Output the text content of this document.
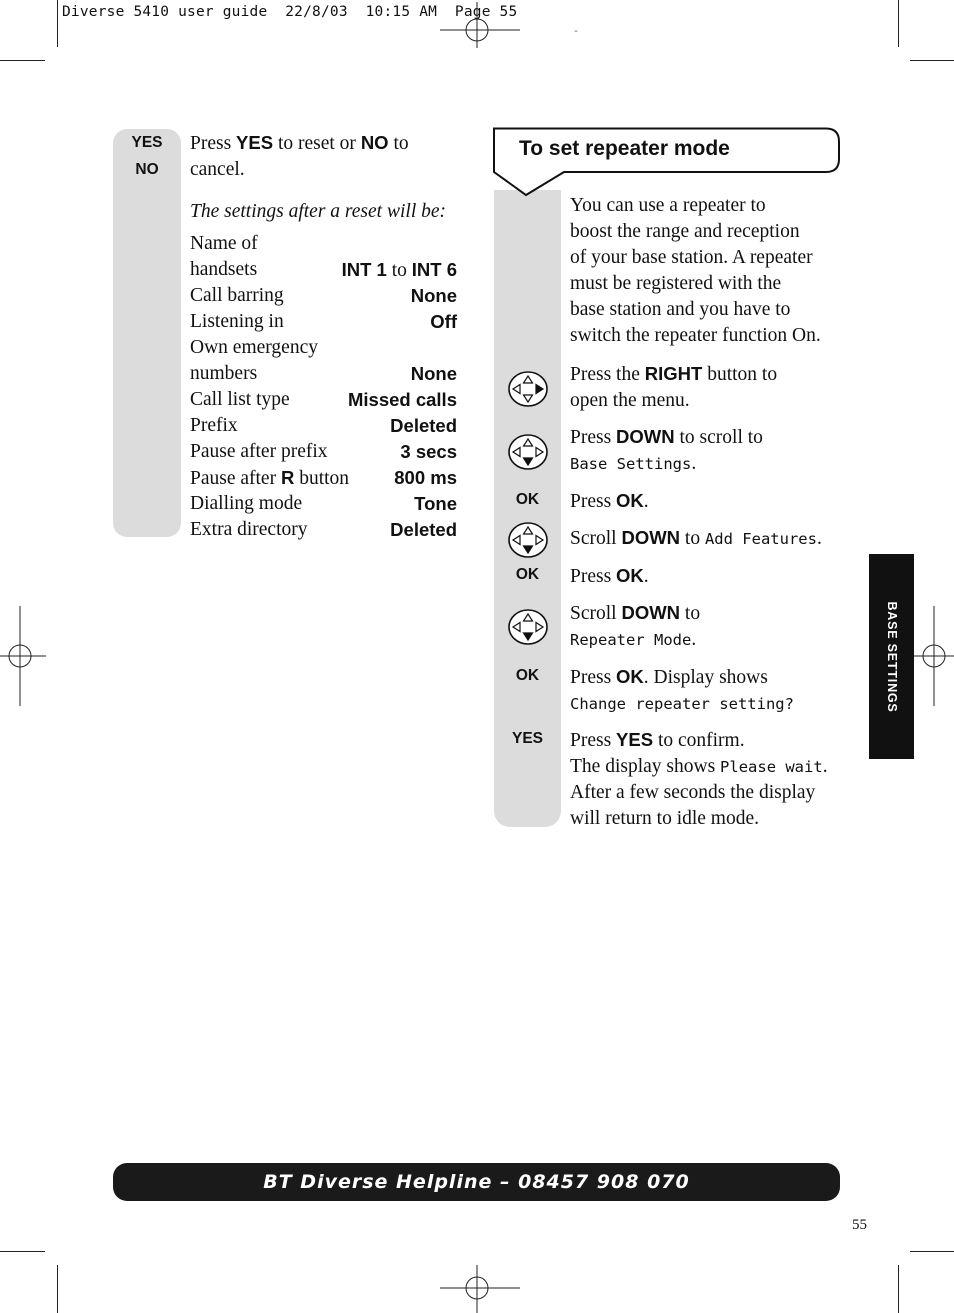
Diverse 5410 user guide  22/8/03  10:15 AM  Page 55
-
YES
NO
Press YES to reset or NO to
cancel.
The settings after a reset will be:
Name of
handsets	INT 1 to INT 6
Call barring	None
Listening in	Off
Own emergency
numbers	None
Call list type	Missed calls
Prefix	Deleted
Pause after prefix	3 secs
Pause after R button 800 ms
Dialling mode	Tone
Extra directory	Deleted
To set repeater mode
You can use a repeater to
boost the range and reception
of your base station. A repeater
must be registered with the
base station and you have to
switch the repeater function On.
Press the RIGHT button to
open the menu.
Press DOWN to scroll to
Base Settings.
OK	Press OK.
Scroll DOWN to Add Features.
OK	Press OK.
Scroll DOWN to
Repeater Mode.
OK	Press OK. Display shows
Change repeater setting?
YES	Press YES to confirm.
The display shows Please wait.
After a few seconds the display
will return to idle mode.
BASE SETTINGS
BT Diverse Helpline – 08457 908 070
55
